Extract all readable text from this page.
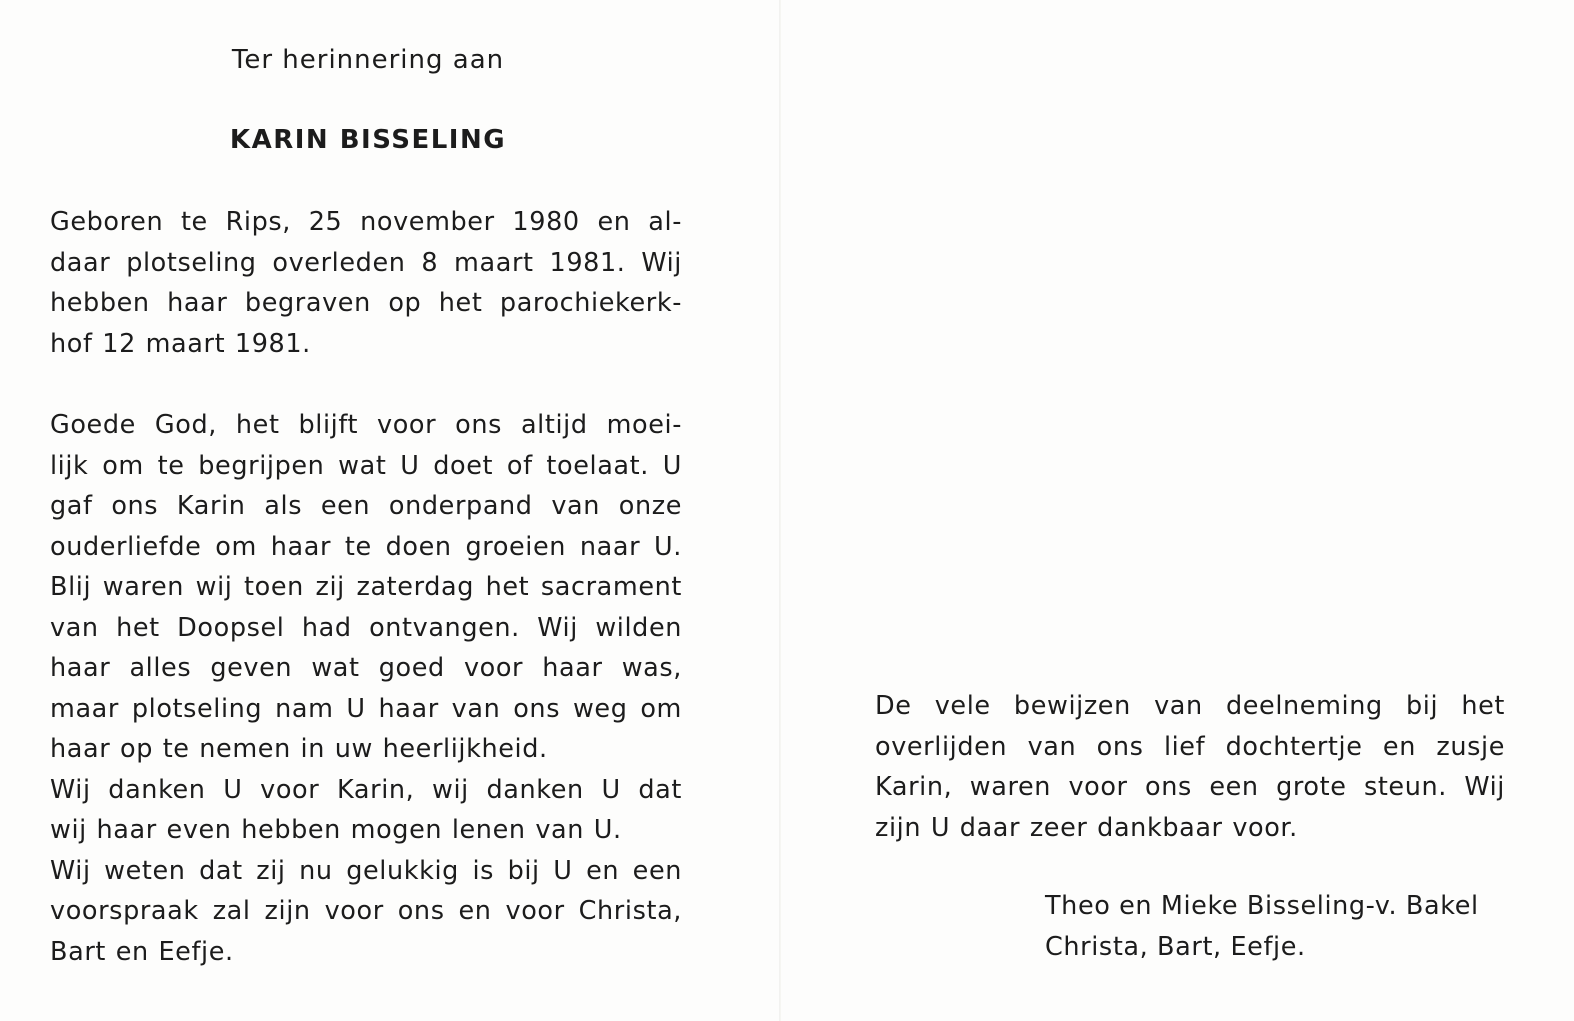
Ter herinnering aan
KARIN BISSELING
Geboren te Rips, 25 november 1980 en al-
daar plotseling overleden 8 maart 1981. Wij
hebben haar begraven op het parochiekerk-
hof 12 maart 1981.
Goede God, het blijft voor ons altijd moei-
lijk om te begrijpen wat U doet of toelaat. U
gaf ons Karin als een onderpand van onze
ouderliefde om haar te doen groeien naar U.
Blij waren wij toen zij zaterdag het sacrament
van het Doopsel had ontvangen. Wij wilden
haar alles geven wat goed voor haar was,
maar plotseling nam U haar van ons weg om
haar op te nemen in uw heerlijkheid.
Wij danken U voor Karin, wij danken U dat
wij haar even hebben mogen lenen van U.
Wij weten dat zij nu gelukkig is bij U en een
voorspraak zal zijn voor ons en voor Christa,
Bart en Eefje.
De vele bewijzen van deelneming bij het
overlijden van ons lief dochtertje en zusje
Karin, waren voor ons een grote steun. Wij
zijn U daar zeer dankbaar voor.
Theo en Mieke Bisseling-v. Bakel
Christa, Bart, Eefje.
